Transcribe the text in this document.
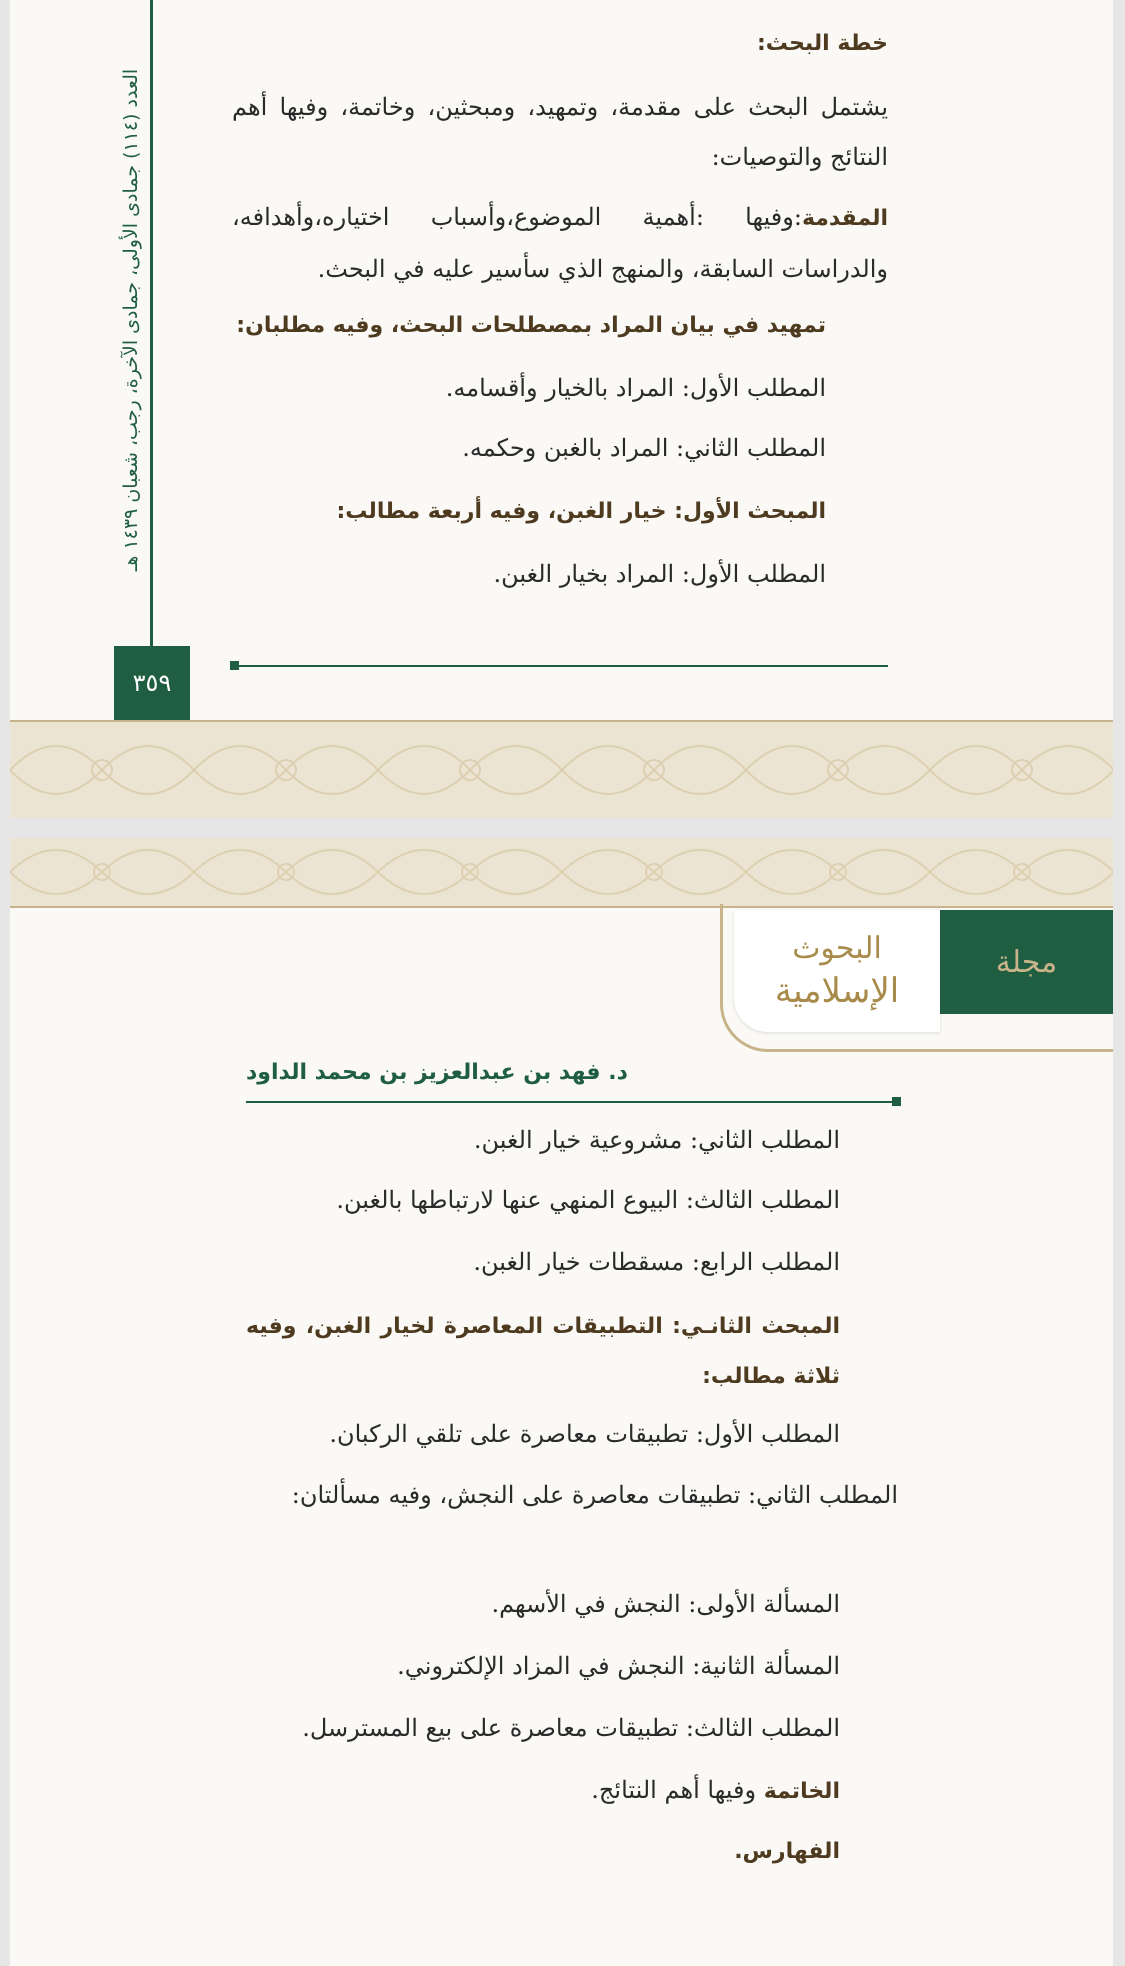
العدد (١١٤) جمادى الأولى، جمادى الآخرة، رجب، شعبان ١٤٣٩ هـ
خطة البحث:
يشتمل البحث على مقدمة، وتمهيد، ومبحثين، وخاتمة، وفيها أهم النتائج والتوصيات:
المقدمة:وفيها :أهمية الموضوع،وأسباب اختياره،وأهدافه، والدراسات السابقة، والمنهج الذي سأسير عليه في البحث.
تمهيد في بيان المراد بمصطلحات البحث، وفيه مطلبان:
المطلب الأول: المراد بالخيار وأقسامه.
المطلب الثاني: المراد بالغبن وحكمه.
المبحث الأول: خيار الغبن، وفيه أربعة مطالب:
المطلب الأول: المراد بخيار الغبن.
٣٥٩
البحوث
الإسلامية
مجلة
د. فهد بن عبدالعزيز بن محمد الداود
المطلب الثاني: مشروعية خيار الغبن.
المطلب الثالث: البيوع المنهي عنها لارتباطها بالغبن.
المطلب الرابع: مسقطات خيار الغبن.
المبحث الثانـي: التطبيقات المعاصرة لخيار الغبن، وفيه ثلاثة مطالب:
المطلب الأول: تطبيقات معاصرة على تلقي الركبان.
المطلب الثاني: تطبيقات معاصرة على النجش، وفيه مسألتان:
المسألة الأولى: النجش في الأسهم.
المسألة الثانية: النجش في المزاد الإلكتروني.
المطلب الثالث: تطبيقات معاصرة على بيع المسترسل.
الخاتمة وفيها أهم النتائج.
الفهارس.
